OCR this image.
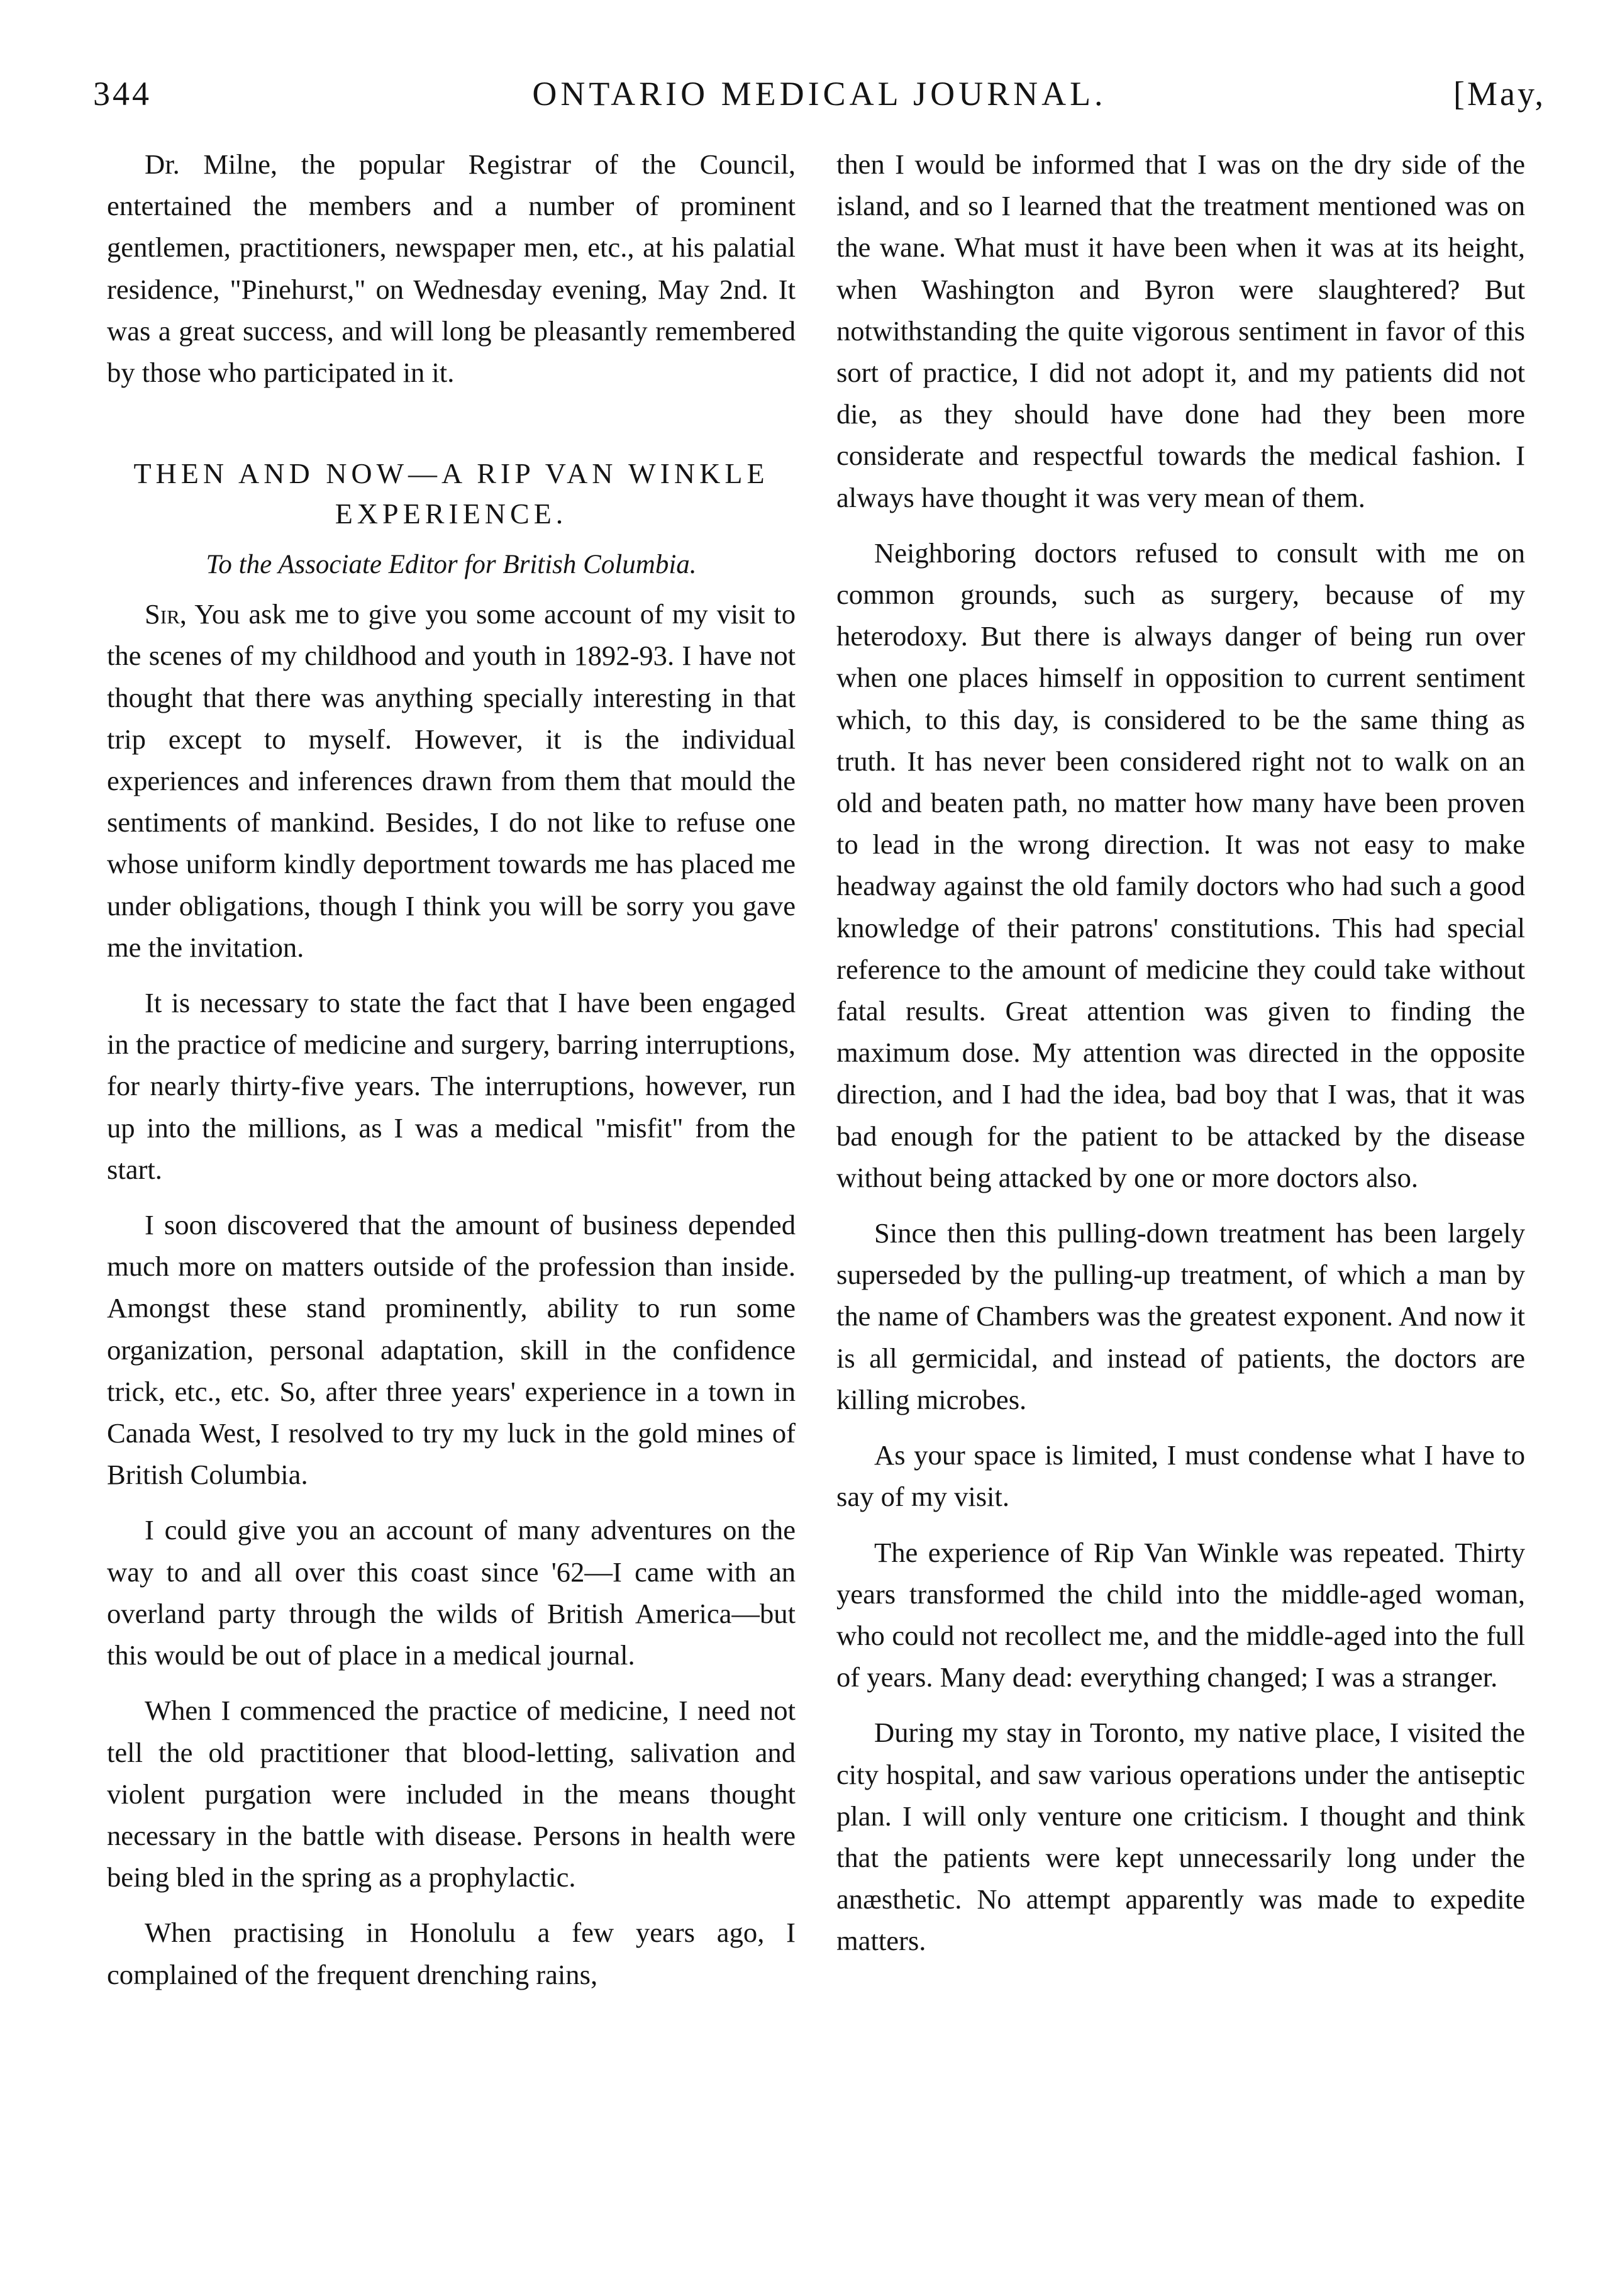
344	ONTARIO MEDICAL JOURNAL.	[May,

Dr. Milne, the popular Registrar of the Council, entertained the members and a number of prominent gentlemen, practitioners, newspaper men, etc., at his palatial residence, "Pinehurst," on Wednesday evening, May 2nd. It was a great success, and will long be pleasantly remembered by those who participated in it.

THEN AND NOW—A RIP VAN WINKLE EXPERIENCE.
To the Associate Editor for British Columbia.

Sir, You ask me to give you some account of my visit to the scenes of my childhood and youth in 1892-93. I have not thought that there was anything specially interesting in that trip except to myself. However, it is the individual experiences and inferences drawn from them that mould the sentiments of mankind. Besides, I do not like to refuse one whose uniform kindly deportment towards me has placed me under obligations, though I think you will be sorry you gave me the invitation.

It is necessary to state the fact that I have been engaged in the practice of medicine and surgery, barring interruptions, for nearly thirty-five years. The interruptions, however, run up into the millions, as I was a medical "misfit" from the start.

I soon discovered that the amount of business depended much more on matters outside of the profession than inside. Amongst these stand prominently, ability to run some organization, personal adaptation, skill in the confidence trick, etc., etc. So, after three years' experience in a town in Canada West, I resolved to try my luck in the gold mines of British Columbia.

I could give you an account of many adventures on the way to and all over this coast since '62—I came with an overland party through the wilds of British America—but this would be out of place in a medical journal.

When I commenced the practice of medicine, I need not tell the old practitioner that blood-letting, salivation and violent purgation were included in the means thought necessary in the battle with disease. Persons in health were being bled in the spring as a prophylactic.

When practising in Honolulu a few years ago, I complained of the frequent drenching rains,

then I would be informed that I was on the dry side of the island, and so I learned that the treatment mentioned was on the wane. What must it have been when it was at its height, when Washington and Byron were slaughtered? But notwithstanding the quite vigorous sentiment in favor of this sort of practice, I did not adopt it, and my patients did not die, as they should have done had they been more considerate and respectful towards the medical fashion. I always have thought it was very mean of them.

Neighboring doctors refused to consult with me on common grounds, such as surgery, because of my heterodoxy. But there is always danger of being run over when one places himself in opposition to current sentiment which, to this day, is considered to be the same thing as truth. It has never been considered right not to walk on an old and beaten path, no matter how many have been proven to lead in the wrong direction. It was not easy to make headway against the old family doctors who had such a good knowledge of their patrons' constitutions. This had special reference to the amount of medicine they could take without fatal results. Great attention was given to finding the maximum dose. My attention was directed in the opposite direction, and I had the idea, bad boy that I was, that it was bad enough for the patient to be attacked by the disease without being attacked by one or more doctors also.

Since then this pulling-down treatment has been largely superseded by the pulling-up treatment, of which a man by the name of Chambers was the greatest exponent. And now it is all germicidal, and instead of patients, the doctors are killing microbes.

As your space is limited, I must condense what I have to say of my visit.

The experience of Rip Van Winkle was repeated. Thirty years transformed the child into the middle-aged woman, who could not recollect me, and the middle-aged into the full of years. Many dead: everything changed; I was a stranger.

During my stay in Toronto, my native place, I visited the city hospital, and saw various operations under the antiseptic plan. I will only venture one criticism. I thought and think that the patients were kept unnecessarily long under the anæsthetic. No attempt apparently was made to expedite matters.
